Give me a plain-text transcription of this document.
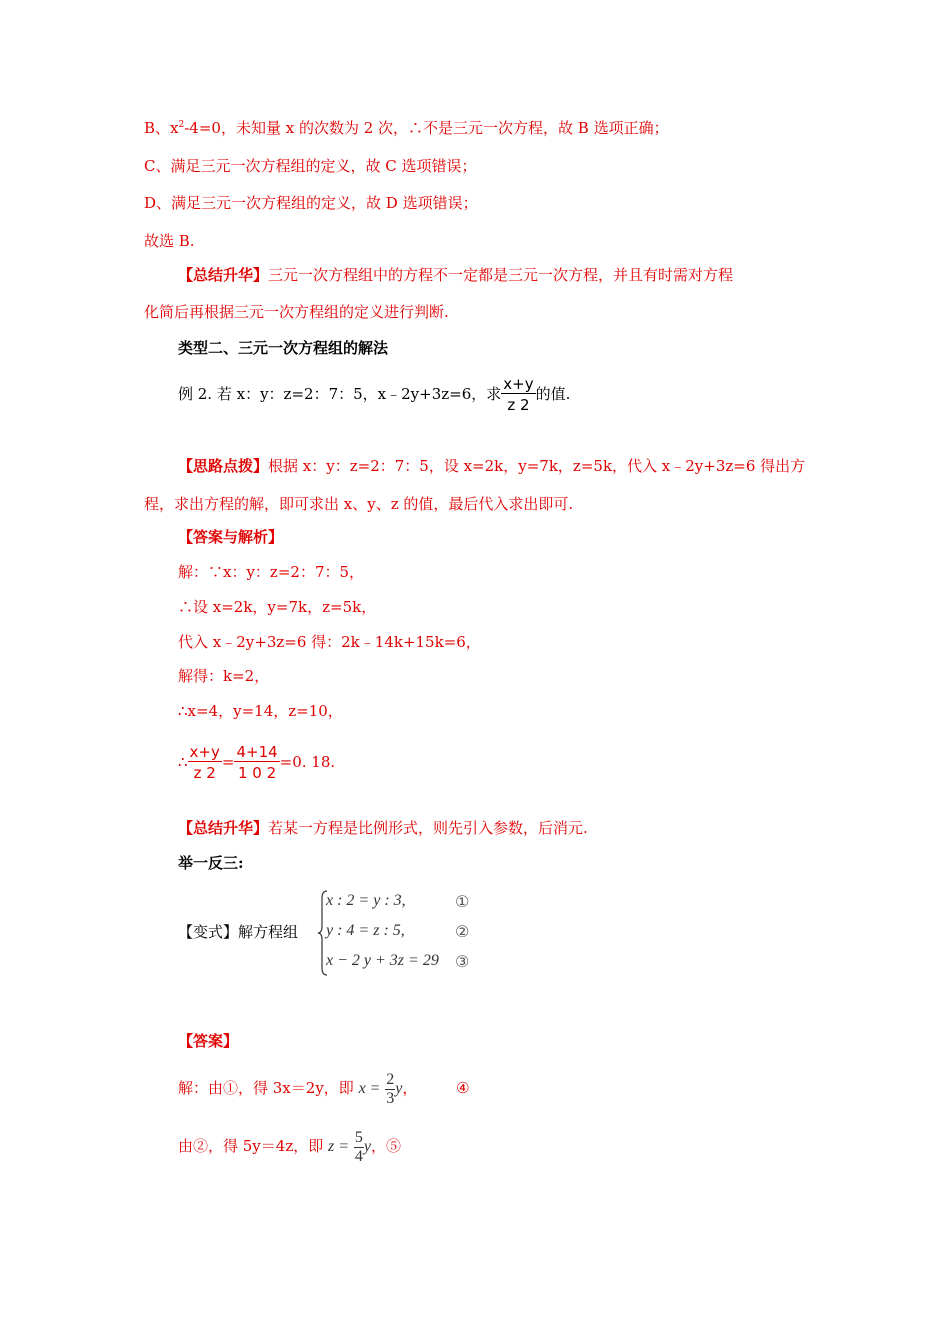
B、$x^2-4=0$，未知量 x 的次数为 2 次，∴不是三元一次方程，故 B 选项正确；
C、满足三元一次方程组的定义，故 C 选项错误；
D、满足三元一次方程组的定义，故 D 选项错误；
故选 B.
【总结升华】三元一次方程组中的方程不一定都是三元一次方程，并且有时需对方程
化简后再根据三元一次方程组的定义进行判断.
类型二、三元一次方程组的解法
例 2. 若 x：y：z=2：7：5，x﹣2y+3z=6，求 $\frac{x+y}{z 2}$ 的值.
【思路点拨】根据 x：y：z=2：7：5，设 x=2k，y=7k，z=5k，代入 x﹣2y+3z=6 得出方
程，求出方程的解，即可求出 x、y、z 的值，最后代入求出即可.
【答案与解析】
解：∵x：y：z=2：7：5，
∴设 x=2k，y=7k，z=5k，
代入 x﹣2y+3z=6 得：2k﹣14k+15k=6，
解得：k=2，
∴x=4，y=14，z=10，
∴ $\frac{x+y}{z 2} = \frac{4+14}{1 0 2} =0$. 18.
【总结升华】若某一方程是比例形式，则先引入参数，后消元.
举一反三:
【变式】解方程组
x : 2 = y : 3,
y : 4 = z : 5,
x − 2 y + 3z = 29
①
②
③
【答案】
解：由①，得 3x＝2y，即 $x = \frac{2}{3}$ y，	④
由②，得 5y＝4z，即 $z = \frac{5}{4}$ y，⑤
